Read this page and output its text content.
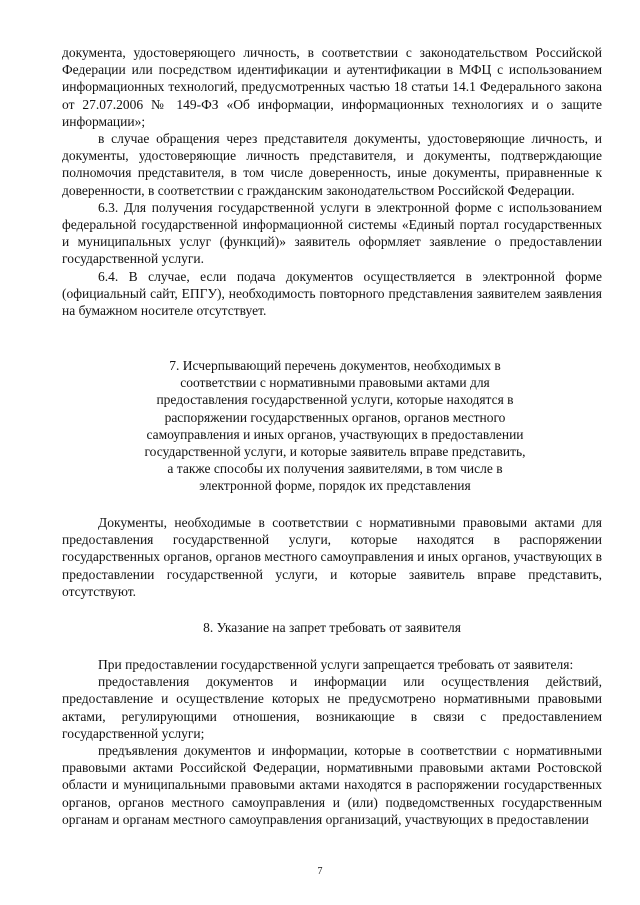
документа, удостоверяющего личность, в соответствии с законодательством Российской Федерации или посредством идентификации и аутентификации в МФЦ с использованием информационных технологий, предусмотренных частью 18 статьи 14.1 Федерального закона от 27.07.2006 № 149-ФЗ «Об информации, информационных технологиях и о защите информации»;

в случае обращения через представителя документы, удостоверяющие личность, и документы, удостоверяющие личность представителя, и документы, подтверждающие полномочия представителя, в том числе доверенность, иные документы, приравненные к доверенности, в соответствии с гражданским законодательством Российской Федерации.

6.3. Для получения государственной услуги в электронной форме с использованием федеральной государственной информационной системы «Единый портал государственных и муниципальных услуг (функций)» заявитель оформляет заявление о предоставлении государственной услуги.

6.4. В случае, если подача документов осуществляется в электронной форме (официальный сайт, ЕПГУ), необходимость повторного представления заявителем заявления на бумажном носителе отсутствует.

7. Исчерпывающий перечень документов, необходимых в соответствии с нормативными правовыми актами для предоставления государственной услуги, которые находятся в распоряжении государственных органов, органов местного самоуправления и иных органов, участвующих в предоставлении государственной услуги, и которые заявитель вправе представить, а также способы их получения заявителями, в том числе в электронной форме, порядок их представления

Документы, необходимые в соответствии с нормативными правовыми актами для предоставления государственной услуги, которые находятся в распоряжении государственных органов, органов местного самоуправления и иных органов, участвующих в предоставлении государственной услуги, и которые заявитель вправе представить, отсутствуют.

8. Указание на запрет требовать от заявителя

При предоставлении государственной услуги запрещается требовать от заявителя:

предоставления документов и информации или осуществления действий, предоставление и осуществление которых не предусмотрено нормативными правовыми актами, регулирующими отношения, возникающие в связи с предоставлением государственной услуги;

предъявления документов и информации, которые в соответствии с нормативными правовыми актами Российской Федерации, нормативными правовыми актами Ростовской области и муниципальными правовыми актами находятся в распоряжении государственных органов, органов местного самоуправления и (или) подведомственных государственным органам и органам местного самоуправления организаций, участвующих в предоставлении

7
